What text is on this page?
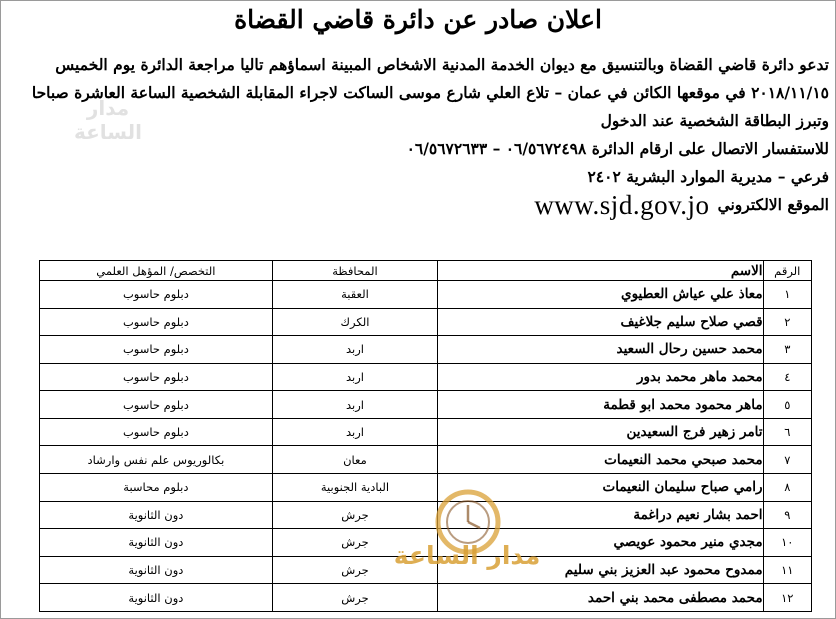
اعلان صادر عن دائرة قاضي القضاة
تدعو دائرة قاضي القضاة وبالتنسيق مع ديوان الخدمة المدنية الاشخاص المبينة اسماؤهم تاليا مراجعة الدائرة يوم الخميس
٢٠١٨/١١/١٥ في موقعها الكائن في عمان – تلاع العلي شارع موسى الساكت لاجراء المقابلة الشخصية الساعة العاشرة صباحا
وتبرز البطاقة الشخصية عند الدخول
للاستفسار الاتصال على ارقام الدائرة ٠٦/٥٦٧٢٤٩٨ – ٠٦/٥٦٧٢٦٣٣
فرعي – مديرية الموارد البشرية ٢٤٠٢
الموقع الالكتروني
www.sjd.gov.jo
الرقم	الاسم	المحافظة	التخصص/ المؤهل العلمي
١	معاذ علي عياش العطيوي	العقبة	دبلوم حاسوب
٢	قصي صلاح سليم جلاغيف	الكرك	دبلوم حاسوب
٣	محمد حسين رحال السعيد	اربد	دبلوم حاسوب
٤	محمد ماهر محمد بدور	اربد	دبلوم حاسوب
٥	ماهر محمود محمد ابو قطمة	اربد	دبلوم حاسوب
٦	تامر زهير فرج السعيدين	اربد	دبلوم حاسوب
٧	محمد صبحي محمد النعيمات	معان	بكالوريوس علم نفس وارشاد
٨	رامي صباح سليمان النعيمات	البادية الجنوبية	دبلوم محاسبة
٩	احمد بشار نعيم دراغمة	جرش	دون الثانوية
١٠	مجدي منير محمود عويصي	جرش	دون الثانوية
١١	ممدوح محمود عبد العزيز بني سليم	جرش	دون الثانوية
١٢	محمد مصطفى محمد بني احمد	جرش	دون الثانوية
مدار الساعة
مدار الساعة
